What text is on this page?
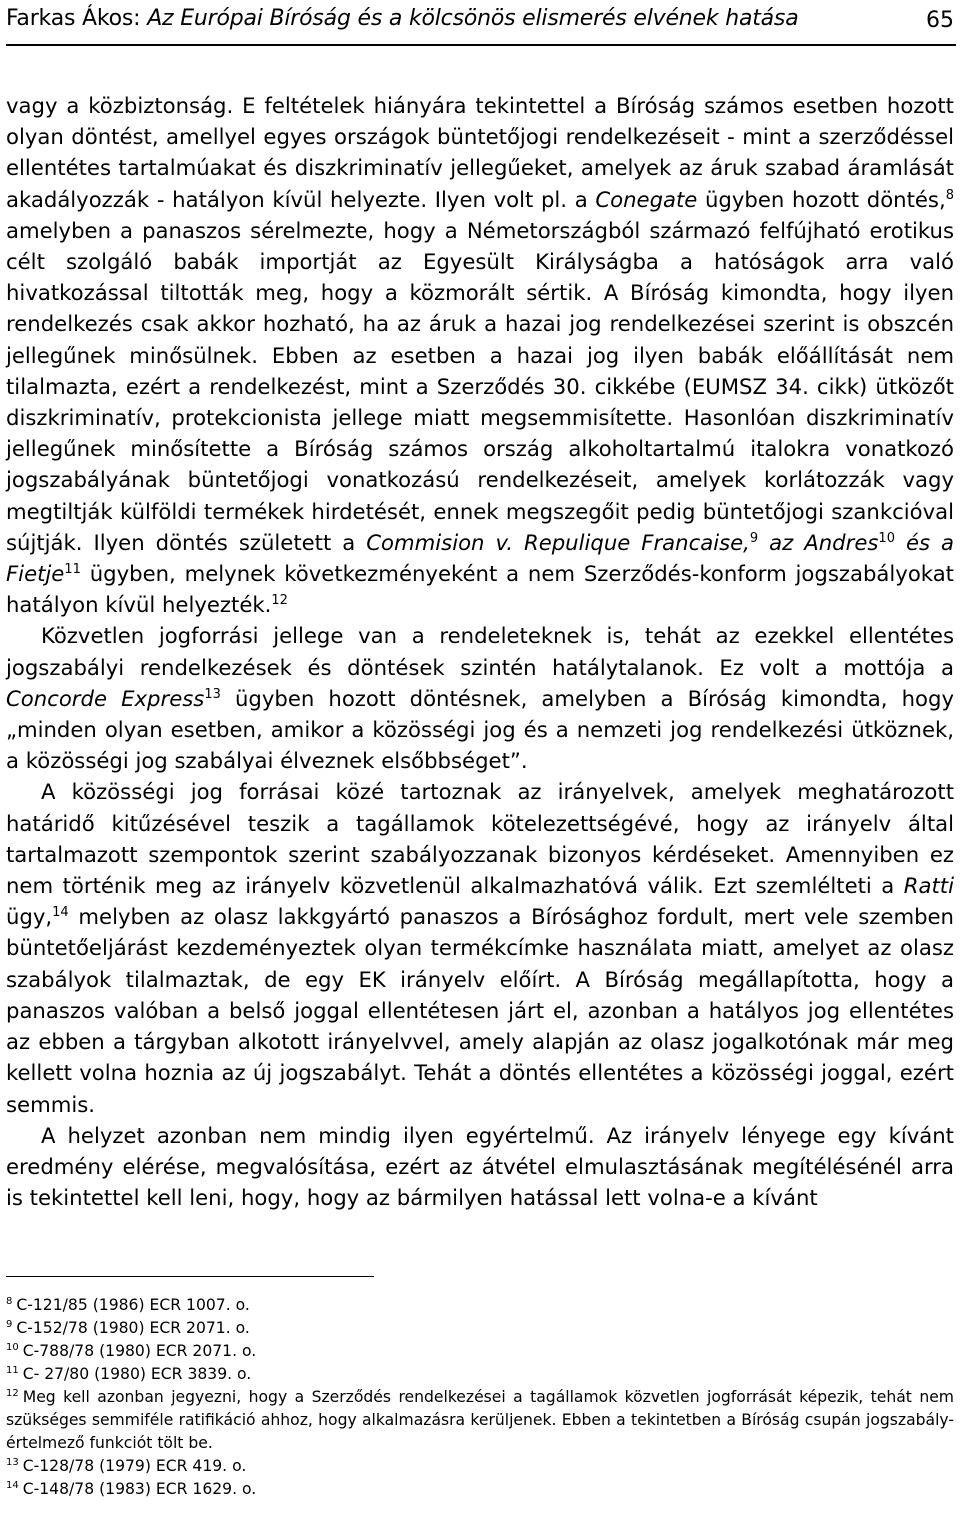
Farkas Ákos: Az Európai Bíróság és a kölcsönös elismerés elvének hatása	65

vagy a közbiztonság. E feltételek hiányára tekintettel a Bíróság számos esetben hozott olyan döntést, amellyel egyes országok büntetőjogi rendelkezéseit - mint a szerződéssel ellentétes tartalmúakat és diszkriminatív jellegűeket, amelyek az áruk szabad áramlását akadályozzák - hatályon kívül helyezte. Ilyen volt pl. a Conegate ügyben hozott döntés,$^8$ amelyben a panaszos sérelmezte, hogy a Németországból származó felfújható erotikus célt szolgáló babák importját az Egyesült Királyságba a hatóságok arra való hivatkozással tiltották meg, hogy a közmorált sértik. A Bíróság kimondta, hogy ilyen rendelkezés csak akkor hozható, ha az áruk a hazai jog rendelkezései szerint is obszcén jellegűnek minősülnek. Ebben az esetben a hazai jog ilyen babák előállítását nem tilalmazta, ezért a rendelkezést, mint a Szerződés 30. cikkébe (EUMSZ 34. cikk) ütközőt diszkriminatív, protekcionista jellege miatt megsemmisítette. Hasonlóan diszkriminatív jellegűnek minősítette a Bíróság számos ország alkoholtartalmú italokra vonatkozó jogszabályának büntetőjogi vonatkozású rendelkezéseit, amelyek korlátozzák vagy megtiltják külföldi termékek hirdetését, ennek megszegőit pedig büntetőjogi szankcióval sújtják. Ilyen döntés született a Commision v. Repulique Francaise,$^9$ az Andres$^{10}$ és a Fietje$^{11}$ ügyben, melynek következményeként a nem Szerződés-konform jogszabályokat hatályon kívül helyezték.$^{12}$

Közvetlen jogforrási jellege van a rendeleteknek is, tehát az ezekkel ellentétes jogszabályi rendelkezések és döntések szintén hatálytalanok. Ez volt a mottója a Concorde Express$^{13}$ ügyben hozott döntésnek, amelyben a Bíróság kimondta, hogy „minden olyan esetben, amikor a közösségi jog és a nemzeti jog rendelkezési ütköznek, a közösségi jog szabályai élveznek elsőbbséget”.

A közösségi jog forrásai közé tartoznak az irányelvek, amelyek meghatározott határidő kitűzésével teszik a tagállamok kötelezettségévé, hogy az irányelv által tartalmazott szempontok szerint szabályozzanak bizonyos kérdéseket. Amennyiben ez nem történik meg az irányelv közvetlenül alkalmazhatóvá válik. Ezt szemlélteti a Ratti ügy,$^{14}$ melyben az olasz lakkgyártó panaszos a Bírósághoz fordult, mert vele szemben büntetőeljárást kezdeményeztek olyan termékcímke használata miatt, amelyet az olasz szabályok tilalmaztak, de egy EK irányelv előírt. A Bíróság megállapította, hogy a panaszos valóban a belső joggal ellentétesen járt el, azonban a hatályos jog ellentétes az ebben a tárgyban alkotott irányelvvel, amely alapján az olasz jogalkotónak már meg kellett volna hoznia az új jogszabályt. Tehát a döntés ellentétes a közösségi joggal, ezért semmis.

A helyzet azonban nem mindig ilyen egyértelmű. Az irányelv lényege egy kívánt eredmény elérése, megvalósítása, ezért az átvétel elmulasztásának megítélésénél arra is tekintettel kell leni, hogy, hogy az bármilyen hatással lett volna-e a kívánt

$^8$ C-121/85 (1986) ECR 1007. o.

$^9$ C-152/78 (1980) ECR 2071. o.

$^{10}$ C-788/78 (1980) ECR 2071. o.

$^{11}$ C- 27/80 (1980) ECR 3839. o.

$^{12}$ Meg kell azonban jegyezni, hogy a Szerződés rendelkezései a tagállamok közvetlen jogforrását képezik, tehát nem szükséges semmiféle ratifikáció ahhoz, hogy alkalmazásra kerüljenek. Ebben a tekintetben a Bíróság csupán jogszabály-értelmező funkciót tölt be.

$^{13}$ C-128/78 (1979) ECR 419. o.

$^{14}$ C-148/78 (1983) ECR 1629. o.
